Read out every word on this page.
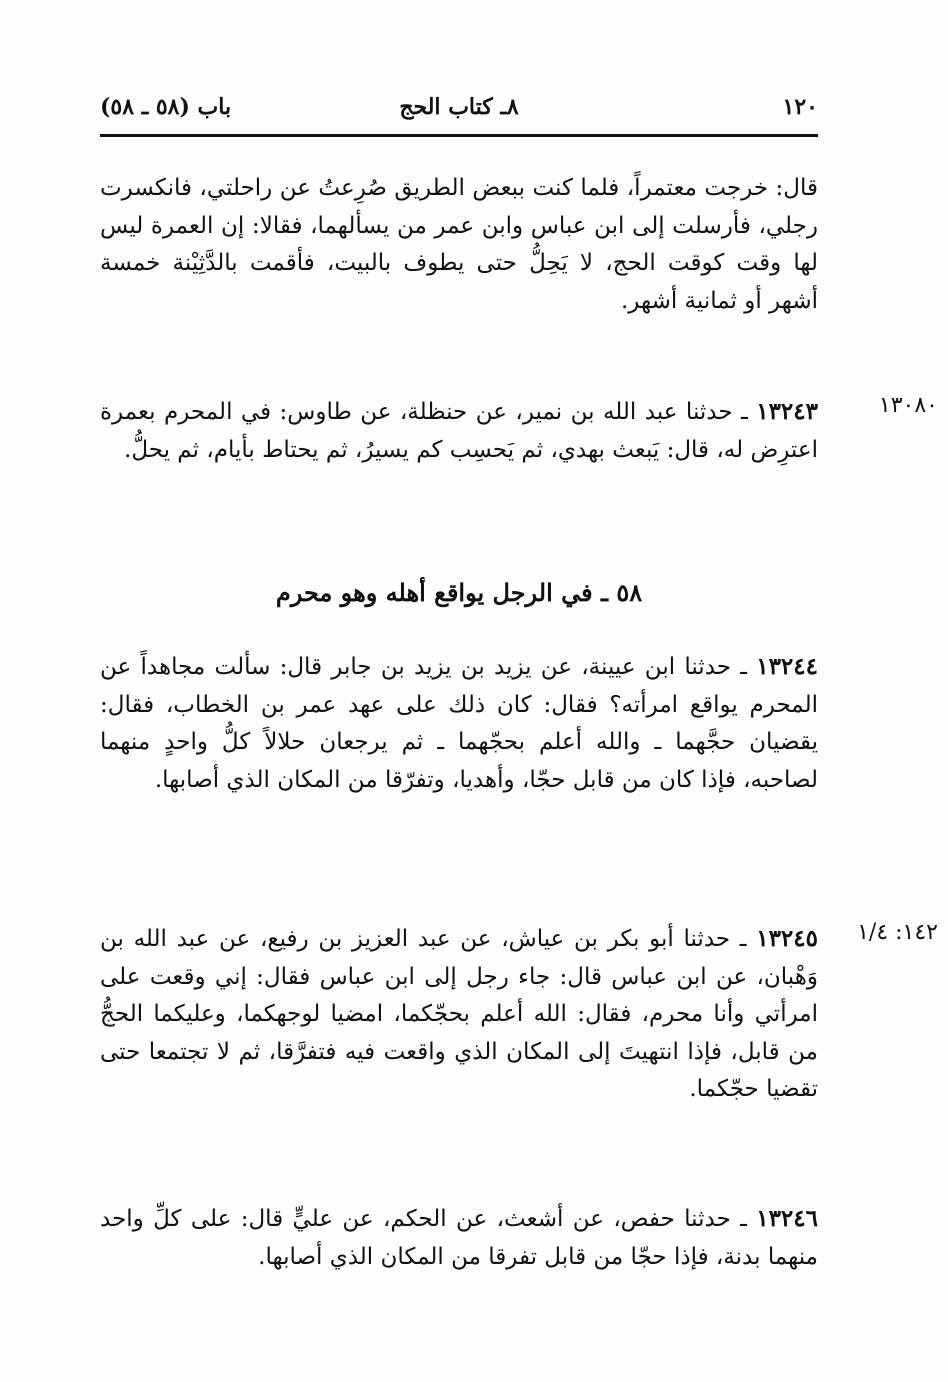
١٢٠
٨ـ كتاب الحج
باب (٥٨ ـ ٥٨)
قال: خرجت معتمراً، فلما كنت ببعض الطريق صُرِعتُ عن راحلتي، فانكسرت رجلي، فأرسلت إلى ابن عباس وابن عمر من يسألهما، فقالا: إن العمرة ليس لها وقت كوقت الحج، لا يَحِلُّ حتى يطوف بالبيت، فأقمت بالدَّثِيْنة خمسة أشهر أو ثمانية أشهر.
١٣٠٨٠
١٣٢٤٣ ـ حدثنا عبد الله بن نمير، عن حنظلة، عن طاوس: في المحرم بعمرة اعترِض له، قال: يَبعث بهدي، ثم يَحسِب كم يسيرُ، ثم يحتاط بأيام، ثم يحلُّ.
٥٨ ـ في الرجل يواقع أهله وهو محرم
١٣٢٤٤ ـ حدثنا ابن عيينة، عن يزيد بن يزيد بن جابر قال: سألت مجاهداً عن المحرم يواقع امرأته؟ فقال: كان ذلك على عهد عمر بن الخطاب، فقال: يقضيان حجَّهما ـ والله أعلم بحجّهما ـ ثم يرجعان حلالاً كلُّ واحدٍ منهما لصاحبه، فإذا كان من قابل حجّا، وأهديا، وتفرّقا من المكان الذي أصابها.
١٤٢: ١/٤
١٣٢٤٥ ـ حدثنا أبو بكر بن عياش، عن عبد العزيز بن رفيع، عن عبد الله بن وَهْبان، عن ابن عباس قال: جاء رجل إلى ابن عباس فقال: إني وقعت على امرأتي وأنا محرم، فقال: الله أعلم بحجّكما، امضيا لوجهكما، وعليكما الحجُّ من قابل، فإذا انتهيتَ إلى المكان الذي واقعت فيه فتفرَّقا، ثم لا تجتمعا حتى تقضيا حجّكما.
١٣٢٤٦ ـ حدثنا حفص، عن أشعث، عن الحكم، عن عليٍّ قال: على كلِّ واحد منهما بدنة، فإذا حجّا من قابل تفرقا من المكان الذي أصابها.
